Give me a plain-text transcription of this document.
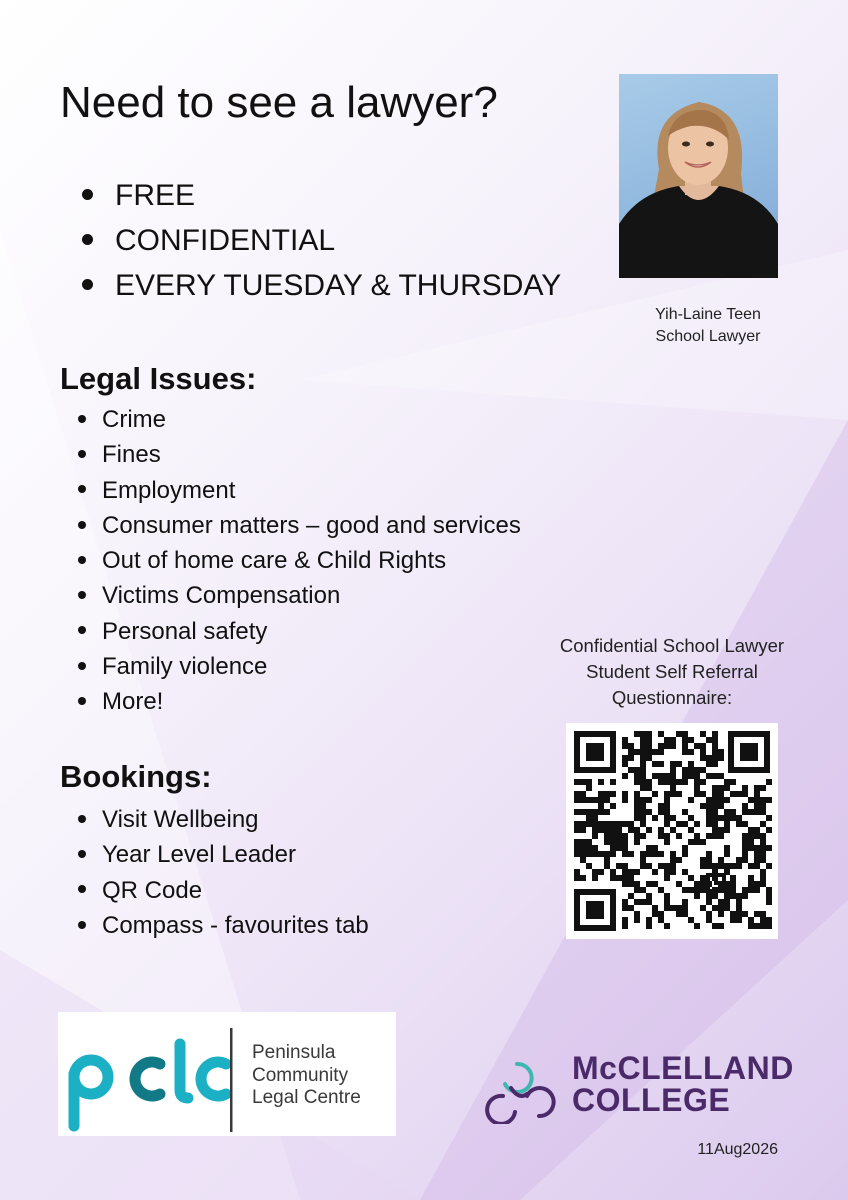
Need to see a lawyer?
FREE
CONFIDENTIAL
EVERY TUESDAY & THURSDAY
Yih-Laine Teen
School Lawyer
Legal Issues:
Crime
Fines
Employment
Consumer matters – good and services
Out of home care & Child Rights
Victims Compensation
Personal safety
Family violence
More!
Bookings:
Visit Wellbeing
Year Level Leader
QR Code
Compass - favourites tab
Confidential School Lawyer
Student Self Referral
Questionnaire:
Peninsula
Community
Legal Centre
McCLELLAND
COLLEGE
11Aug2026
